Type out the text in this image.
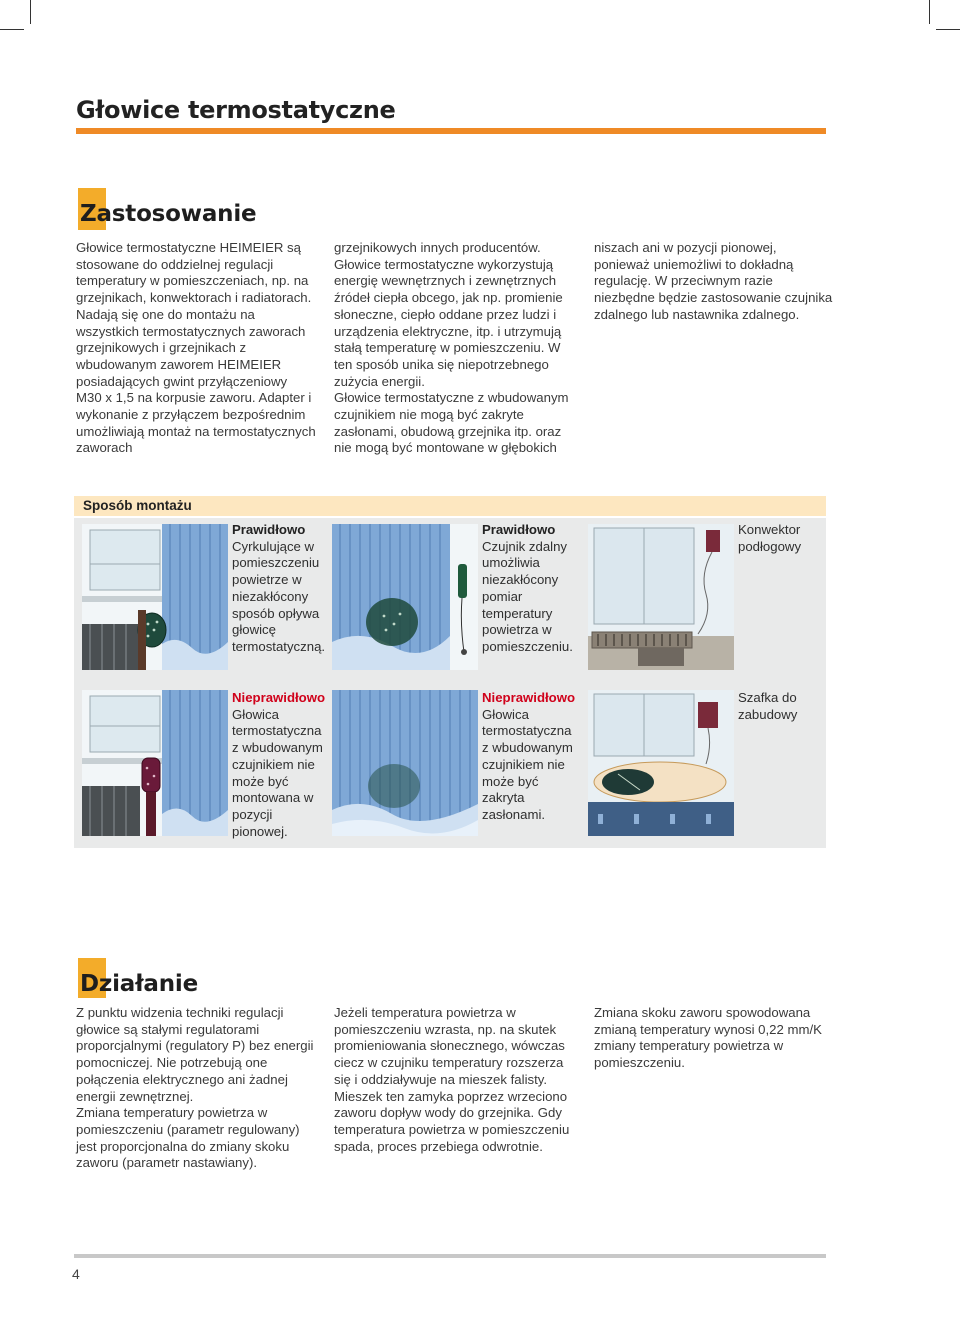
Głowice termostatyczne
Zastosowanie

Głowice termostatyczne HEIMEIER są stosowane do oddzielnej regulacji temperatury w pomieszczeniach, np. na grzejnikach, konwektorach i radiatorach.

Nadają się one do montażu na wszystkich termostatycznych zaworach grzejnikowych i grzejnikach z wbudowanym zaworem HEIMEIER posiadających gwint przyłączeniowy M30 x 1,5 na korpusie zaworu. Adapter i wykonanie z przyłączem bezpośrednim umożliwiają montaż na termostatycznych zaworach

grzejnikowych innych producentów. Głowice termostatyczne wykorzystują energię wewnętrznych i zewnętrznych źródeł ciepła obcego, jak np. promienie słoneczne, ciepło oddane przez ludzi i urządzenia elektryczne, itp. i utrzymują stałą temperaturę w pomieszczeniu. W ten sposób unika się niepotrzebnego zużycia energii.

Głowice termostatyczne z wbudowanym czujnikiem nie mogą być zakryte zasłonami, obudową grzejnika itp. oraz nie mogą być montowane w głębokich

niszach ani w pozycji pionowej, ponieważ uniemożliwi to dokładną regulację. W przeciwnym razie niezbędne będzie zastosowanie czujnika zdalnego lub nastawnika zdalnego.

Sposób montażu
Prawidłowo
Cyrkulujące w pomieszczeniu powietrze w niezakłócony sposób opływa głowicę termostatyczną.
Prawidłowo
Czujnik zdalny umożliwia niezakłócony pomiar temperatury powietrza w pomieszczeniu.
Konwektor podłogowy
Nieprawidłowo
Głowica termostatyczna z wbudowanym czujnikiem nie może być montowana w pozycji pionowej.
Nieprawidłowo
Głowica termostatyczna z wbudowanym czujnikiem nie może być zakryta zasłonami.
Szafka do zabudowy
Działanie

Z punktu widzenia techniki regulacji głowice są stałymi regulatorami proporcjalnymi (regulatory P) bez energii pomocniczej. Nie potrzebują one połączenia elektrycznego ani żadnej energii zewnętrznej.

Zmiana temperatury powietrza w pomieszczeniu (parametr regulowany) jest proporcjonalna do zmiany skoku zaworu (parametr nastawiany).

Jeżeli temperatura powietrza w pomieszczeniu wzrasta, np. na skutek promieniowania słonecznego, wówczas ciecz w czujniku temperatury rozszerza się i oddziaływuje na mieszek falisty. Mieszek ten zamyka poprzez wrzeciono zaworu dopływ wody do grzejnika. Gdy temperatura powietrza w pomieszczeniu spada, proces przebiega odwrotnie.

Zmiana skoku zaworu spowodowana zmianą temperatury wynosi 0,22 mm/K zmiany temperatury powietrza w pomieszczeniu.

4
